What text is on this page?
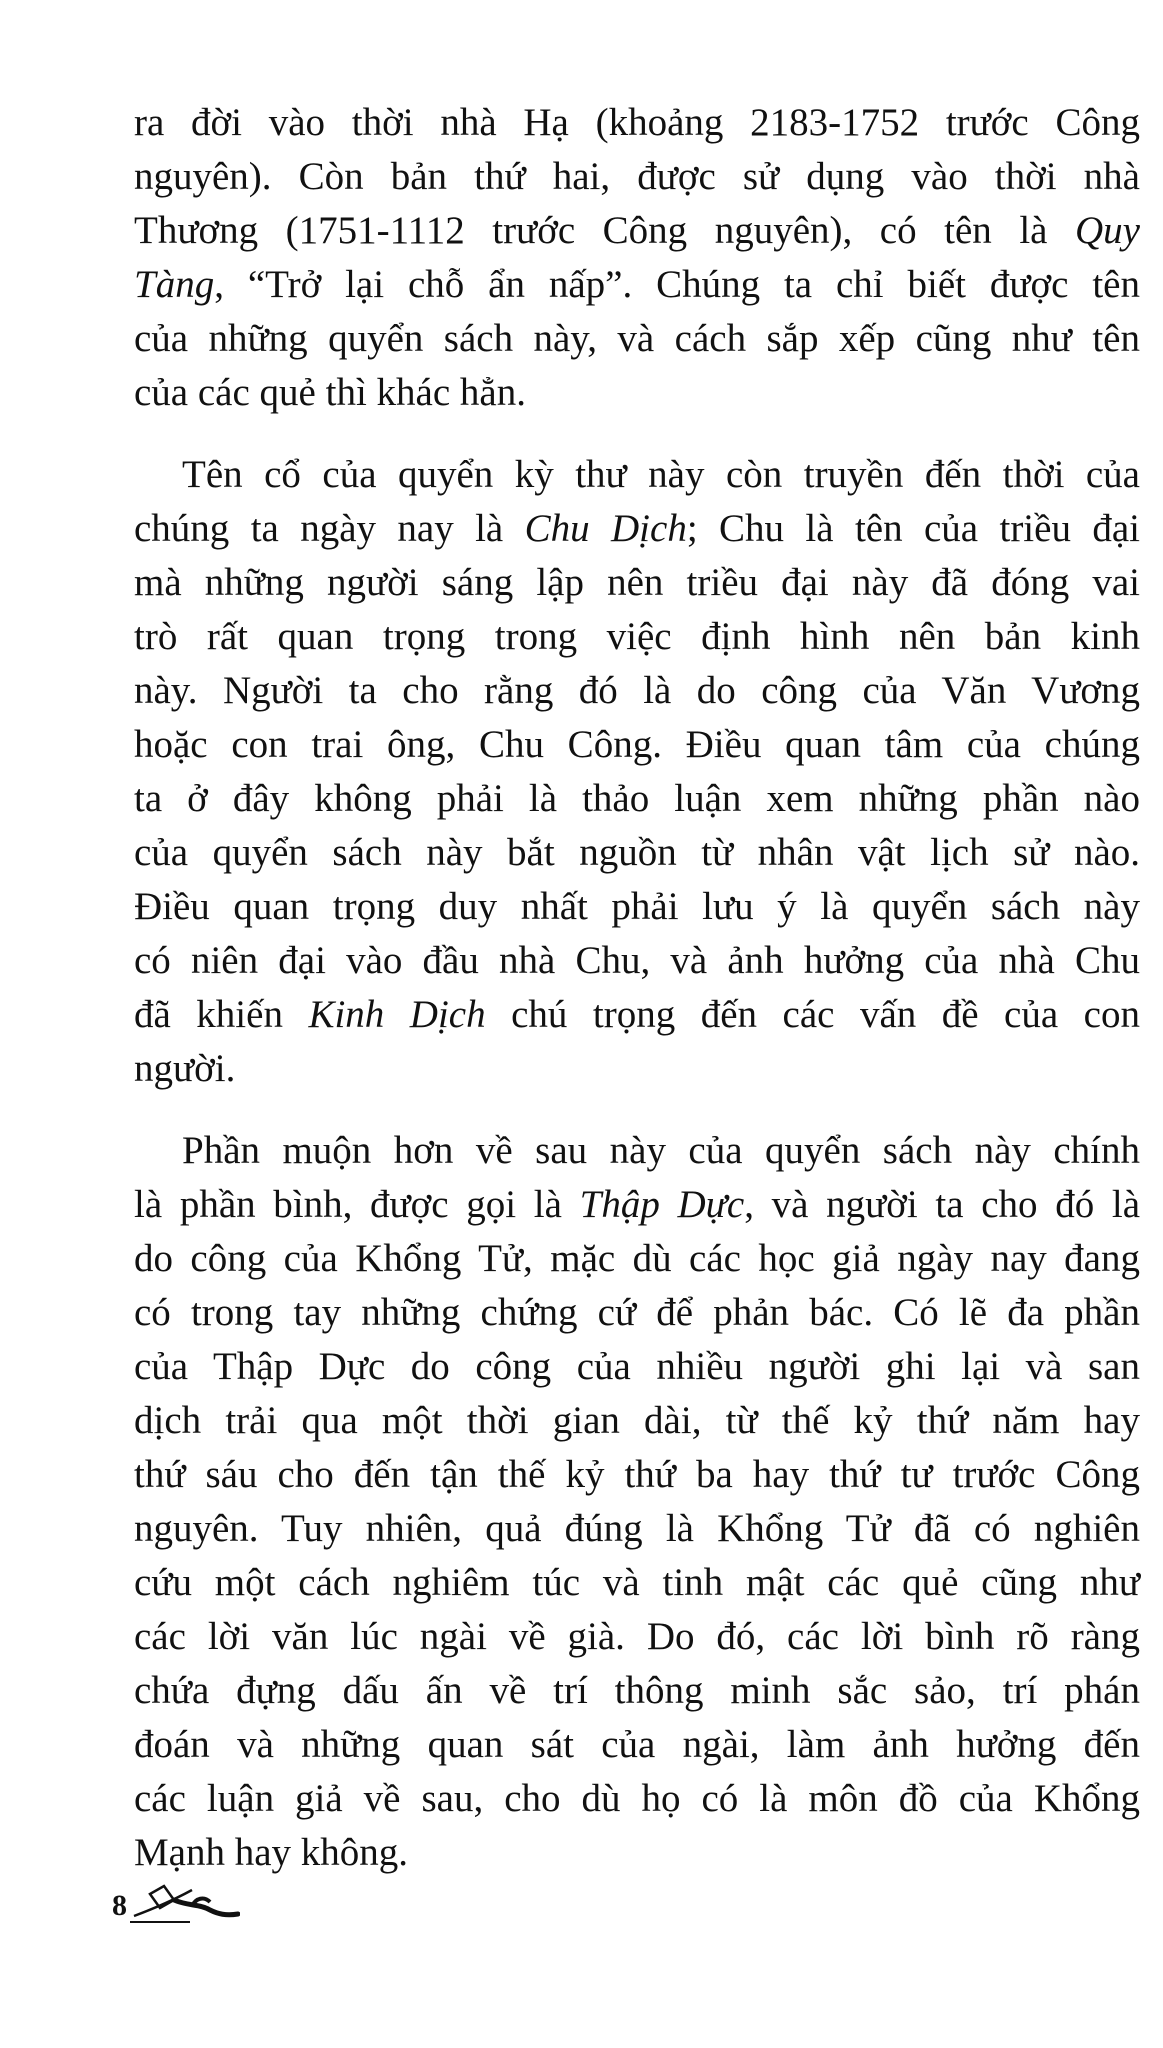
ra đời vào thời nhà Hạ (khoảng 2183-1752 trước Công
nguyên). Còn bản thứ hai, được sử dụng vào thời nhà
Thương (1751-1112 trước Công nguyên), có tên là Quy
Tàng, “Trở lại chỗ ẩn nấp”. Chúng ta chỉ biết được tên
của những quyển sách này, và cách sắp xếp cũng như tên
của các quẻ thì khác hẳn.
Tên cổ của quyển kỳ thư này còn truyền đến thời của
chúng ta ngày nay là Chu Dịch; Chu là tên của triều đại
mà những người sáng lập nên triều đại này đã đóng vai
trò rất quan trọng trong việc định hình nên bản kinh
này. Người ta cho rằng đó là do công của Văn Vương
hoặc con trai ông, Chu Công. Điều quan tâm của chúng
ta ở đây không phải là thảo luận xem những phần nào
của quyển sách này bắt nguồn từ nhân vật lịch sử nào.
Điều quan trọng duy nhất phải lưu ý là quyển sách này
có niên đại vào đầu nhà Chu, và ảnh hưởng của nhà Chu
đã khiến Kinh Dịch chú trọng đến các vấn đề của con
người.
Phần muộn hơn về sau này của quyển sách này chính
là phần bình, được gọi là Thập Dực, và người ta cho đó là
do công của Khổng Tử, mặc dù các học giả ngày nay đang
có trong tay những chứng cứ để phản bác. Có lẽ đa phần
của Thập Dực do công của nhiều người ghi lại và san
dịch trải qua một thời gian dài, từ thế kỷ thứ năm hay
thứ sáu cho đến tận thế kỷ thứ ba hay thứ tư trước Công
nguyên. Tuy nhiên, quả đúng là Khổng Tử đã có nghiên
cứu một cách nghiêm túc và tinh mật các quẻ cũng như
các lời văn lúc ngài về già. Do đó, các lời bình rõ ràng
chứa đựng dấu ấn về trí thông minh sắc sảo, trí phán
đoán và những quan sát của ngài, làm ảnh hưởng đến
các luận giả về sau, cho dù họ có là môn đồ của Khổng
Mạnh hay không.
8
